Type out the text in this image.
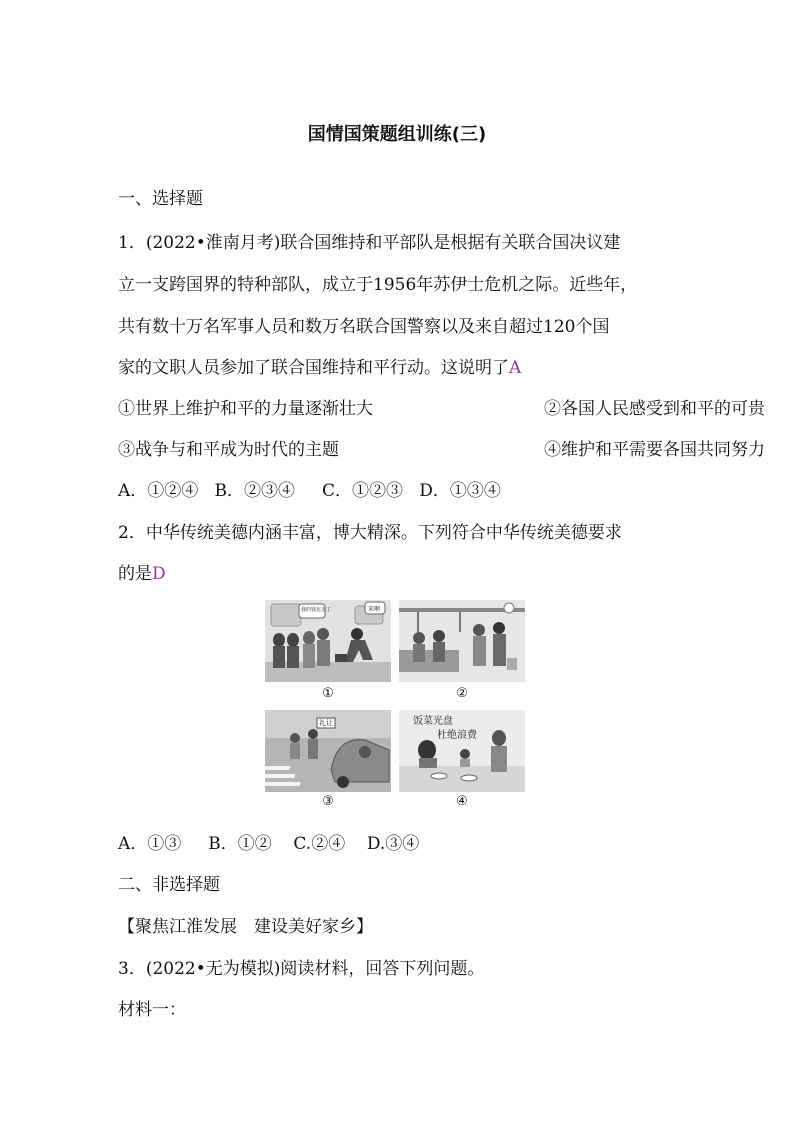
国情国策题组训练(三)
一、选择题
1．(2022•淮南月考)联合国维持和平部队是根据有关联合国决议建
立一支跨国界的特种部队，成立于1956年苏伊士危机之际。近些年，
共有数十万名军事人员和数万名联合国警察以及来自超过120个国
家的文职人员参加了联合国维持和平行动。这说明了A
①世界上维护和平的力量逐渐壮大	②各国人民感受到和平的可贵
③战争与和平成为时代的主题	④维护和平需要各国共同努力
A．①②④   B．②③④     C．①②③   D．①③④
2．中华传统美德内涵丰富，博大精深。下列符合中华传统美德要求
的是D
我的钱包丢了	来啊
①	②
礼让
③
饭菜光盘
杜绝浪费
④
A．①③     B．①②    C.②④    D.③④
二、非选择题
【聚焦江淮发展　建设美好家乡】
3．(2022•无为模拟)阅读材料，回答下列问题。
材料一：
